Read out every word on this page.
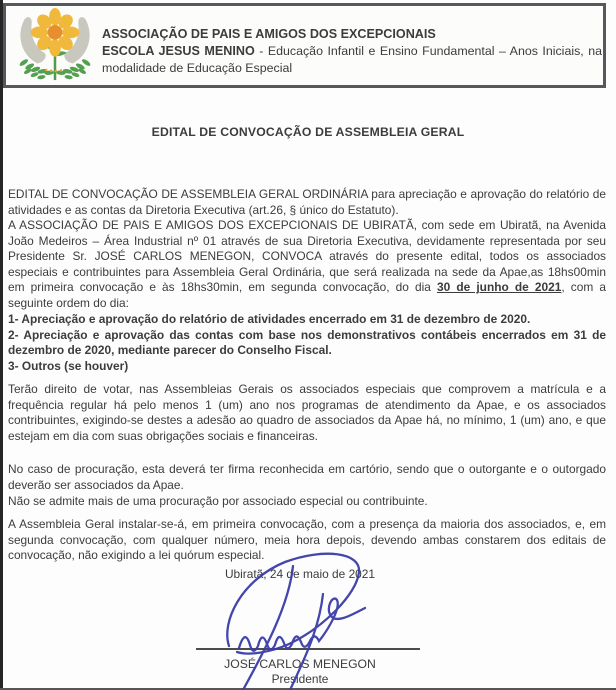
ASSOCIAÇÃO DE PAIS E AMIGOS DOS EXCEPCIONAIS
ESCOLA JESUS MENINO - Educação Infantil e Ensino Fundamental – Anos Iniciais, na modalidade de Educação Especial
EDITAL DE CONVOCAÇÃO DE ASSEMBLEIA GERAL
EDITAL DE CONVOCAÇÃO DE ASSEMBLEIA GERAL ORDINÁRIA para apreciação e aprovação do relatório de atividades e as contas da Diretoria Executiva (art.26, § único do Estatuto).
A ASSOCIAÇÃO DE PAIS E AMIGOS DOS EXCEPCIONAIS DE UBIRATÃ, com sede em Ubiratã, na Avenida João Medeiros – Área Industrial nº 01 através de sua Diretoria Executiva, devidamente representada por seu Presidente Sr. JOSÉ CARLOS MENEGON, CONVOCA através do presente edital, todos os associados especiais e contribuintes para Assembleia Geral Ordinária, que será realizada na sede da Apae,as 18hs00min em primeira convocação e às 18hs30min, em segunda convocação, do dia 30 de junho de 2021, com a seguinte ordem do dia:
1- Apreciação e aprovação do relatório de atividades encerrado em 31 de dezembro de 2020.
2- Apreciação e aprovação das contas com base nos demonstrativos contábeis encerrados em 31 de dezembro de 2020, mediante parecer do Conselho Fiscal.
3- Outros (se houver)
Terão direito de votar, nas Assembleias Gerais os associados especiais que comprovem a matrícula e a frequência regular há pelo menos 1 (um) ano nos programas de atendimento da Apae, e os associados contribuintes, exigindo-se destes a adesão ao quadro de associados da Apae há, no mínimo, 1 (um) ano, e que estejam em dia com suas obrigações sociais e financeiras.
No caso de procuração, esta deverá ter firma reconhecida em cartório, sendo que o outorgante e o outorgado deverão ser associados da Apae.
Não se admite mais de uma procuração por associado especial ou contribuinte.
A Assembleia Geral instalar-se-á, em primeira convocação, com a presença da maioria dos associados, e, em segunda convocação, com qualquer número, meia hora depois, devendo ambas constarem dos editais de convocação, não exigindo a lei quórum especial.
Ubiratã, 24 de maio de 2021
JOSÉ CARLOS MENEGON
Presidente
